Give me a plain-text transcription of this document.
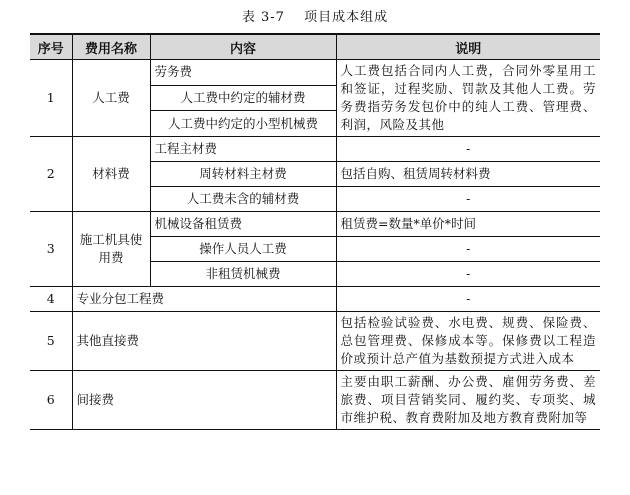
表 3-7 项目成本组成
序号	费用名称	内容	说明
1	人工费	劳务费	人工费包括合同内人工费，合同外零星用工和签证，过程奖励、罚款及其他人工费。劳务费指劳务发包价中的纯人工费、管理费、利润，风险及其他
		人工费中约定的辅材费	
		人工费中约定的小型机械费	
2	材料费	工程主材费	-
		周转材料主材费	包括自购、租赁周转材料费
		人工费未含的辅材费	-
3	施工机具使用费	机械设备租赁费	租赁费=数量*单价*时间
		操作人员人工费	-
		非租赁机械费	-
4	专业分包工程费		-
5	其他直接费		包括检验试验费、水电费、规费、保险费、总包管理费、保修成本等。保修费以工程造价或预计总产值为基数预提方式进入成本
6	间接费		主要由职工薪酬、办公费、雇佣劳务费、差旅费、项目营销奖同、履约奖、专项奖、城市维护税、教育费附加及地方教育费附加等
